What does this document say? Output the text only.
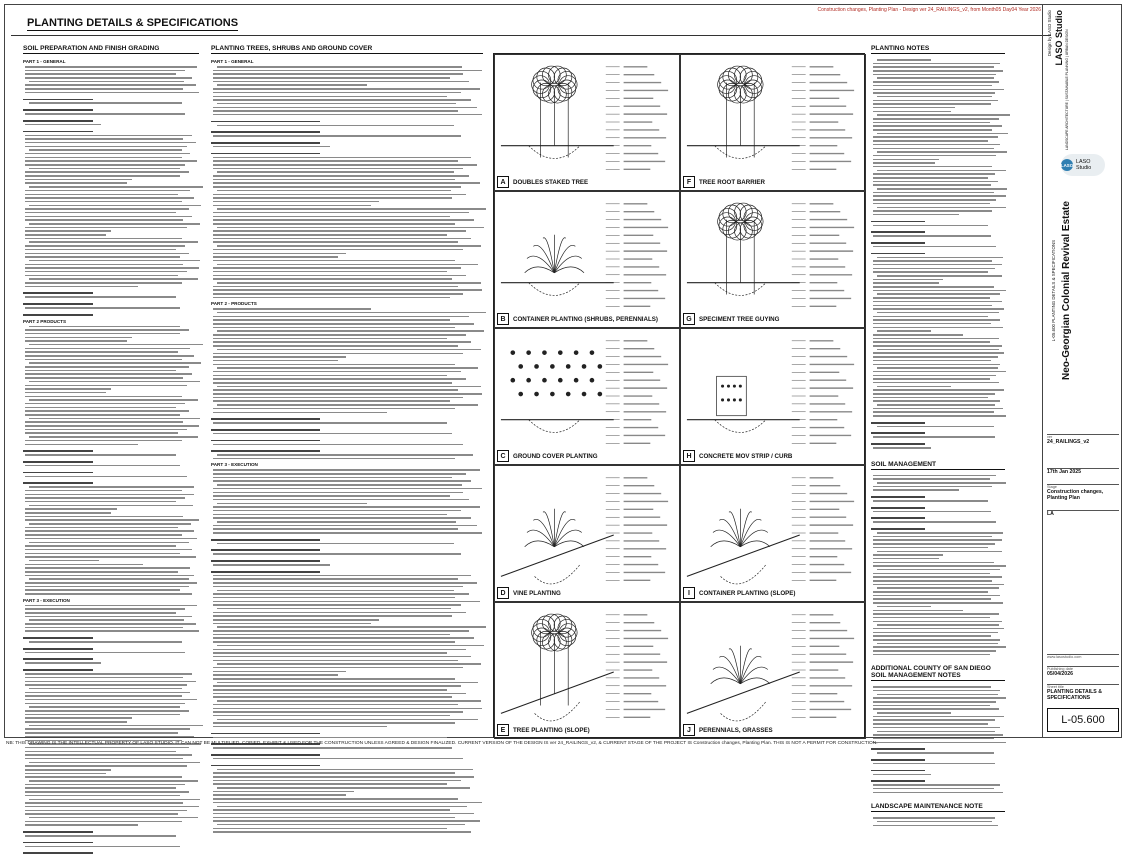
Construction changes, Planting Plan - Design ver 24_RAILINGS_v2, from Month05 Day04 Year 2026
PLANTING DETAILS & SPECIFICATIONS
SOIL PREPARATION AND FINISH GRADING
PART 1 - GENERAL
PART 2 PRODUCTS
PART 3 - EXECUTION
PLANTING TREES, SHRUBS AND GROUND COVER
PART 1 - GENERAL
PART 2 - PRODUCTS
PART 3 - EXECUTION
A	DOUBLES STAKED TREE
B	CONTAINER PLANTING (SHRUBS, PERENNIALS)
C	GROUND COVER PLANTING
D	VINE PLANTING
E	TREE PLANTING (SLOPE)
F	TREE ROOT BARRIER
G	SPECIMENT TREE GUYING
H	CONCRETE MOV STRIP / CURB
I	CONTAINER PLANTING (SLOPE)
J	PERENNIALS, GRASSES
PLANTING NOTES
SOIL MANAGEMENT
ADDITIONAL COUNTY OF SAN DIEGO SOIL MANAGEMENT NOTES
LANDSCAPE MAINTENANCE NOTE
Design by LASO Studio LASO Studio LANDSCAPE ARCHITECTURE | SUSTAINABLE PLANNING | URBAN DESIGN
LASO LASO Studio
L-05.600 PLANTING DETAILS & SPECIFICATIONS Neo-Georgian Colonial Revival Estate
ver
24_RAILINGS_v2
17th Jan 2025
Stage
Construction changes, Planting Plan
LA
www.lasostudio.com
Publishing date
05/04/2026
Sheet title
PLANTING DETAILS & SPECIFICATIONS
L-05.600
NB: THIS DRAWING IS THE INTELLECTUAL PROPERTY OF LASO STUDIO. IT CAN NOT BE MULTIPLIED, COPIED, EXHIBIT & USED FOR THE CONSTRUCTION UNLESS AGREED & DESIGN FINALIZED. CURRENT VERSION OF THE DESIGN IS ver 24_RAILINGS_v2, & CURRENT STAGE OF THE PROJECT IS Construction changes, Planting Plan. THIS IS NOT A PERMIT FOR CONSTRUCTION.
